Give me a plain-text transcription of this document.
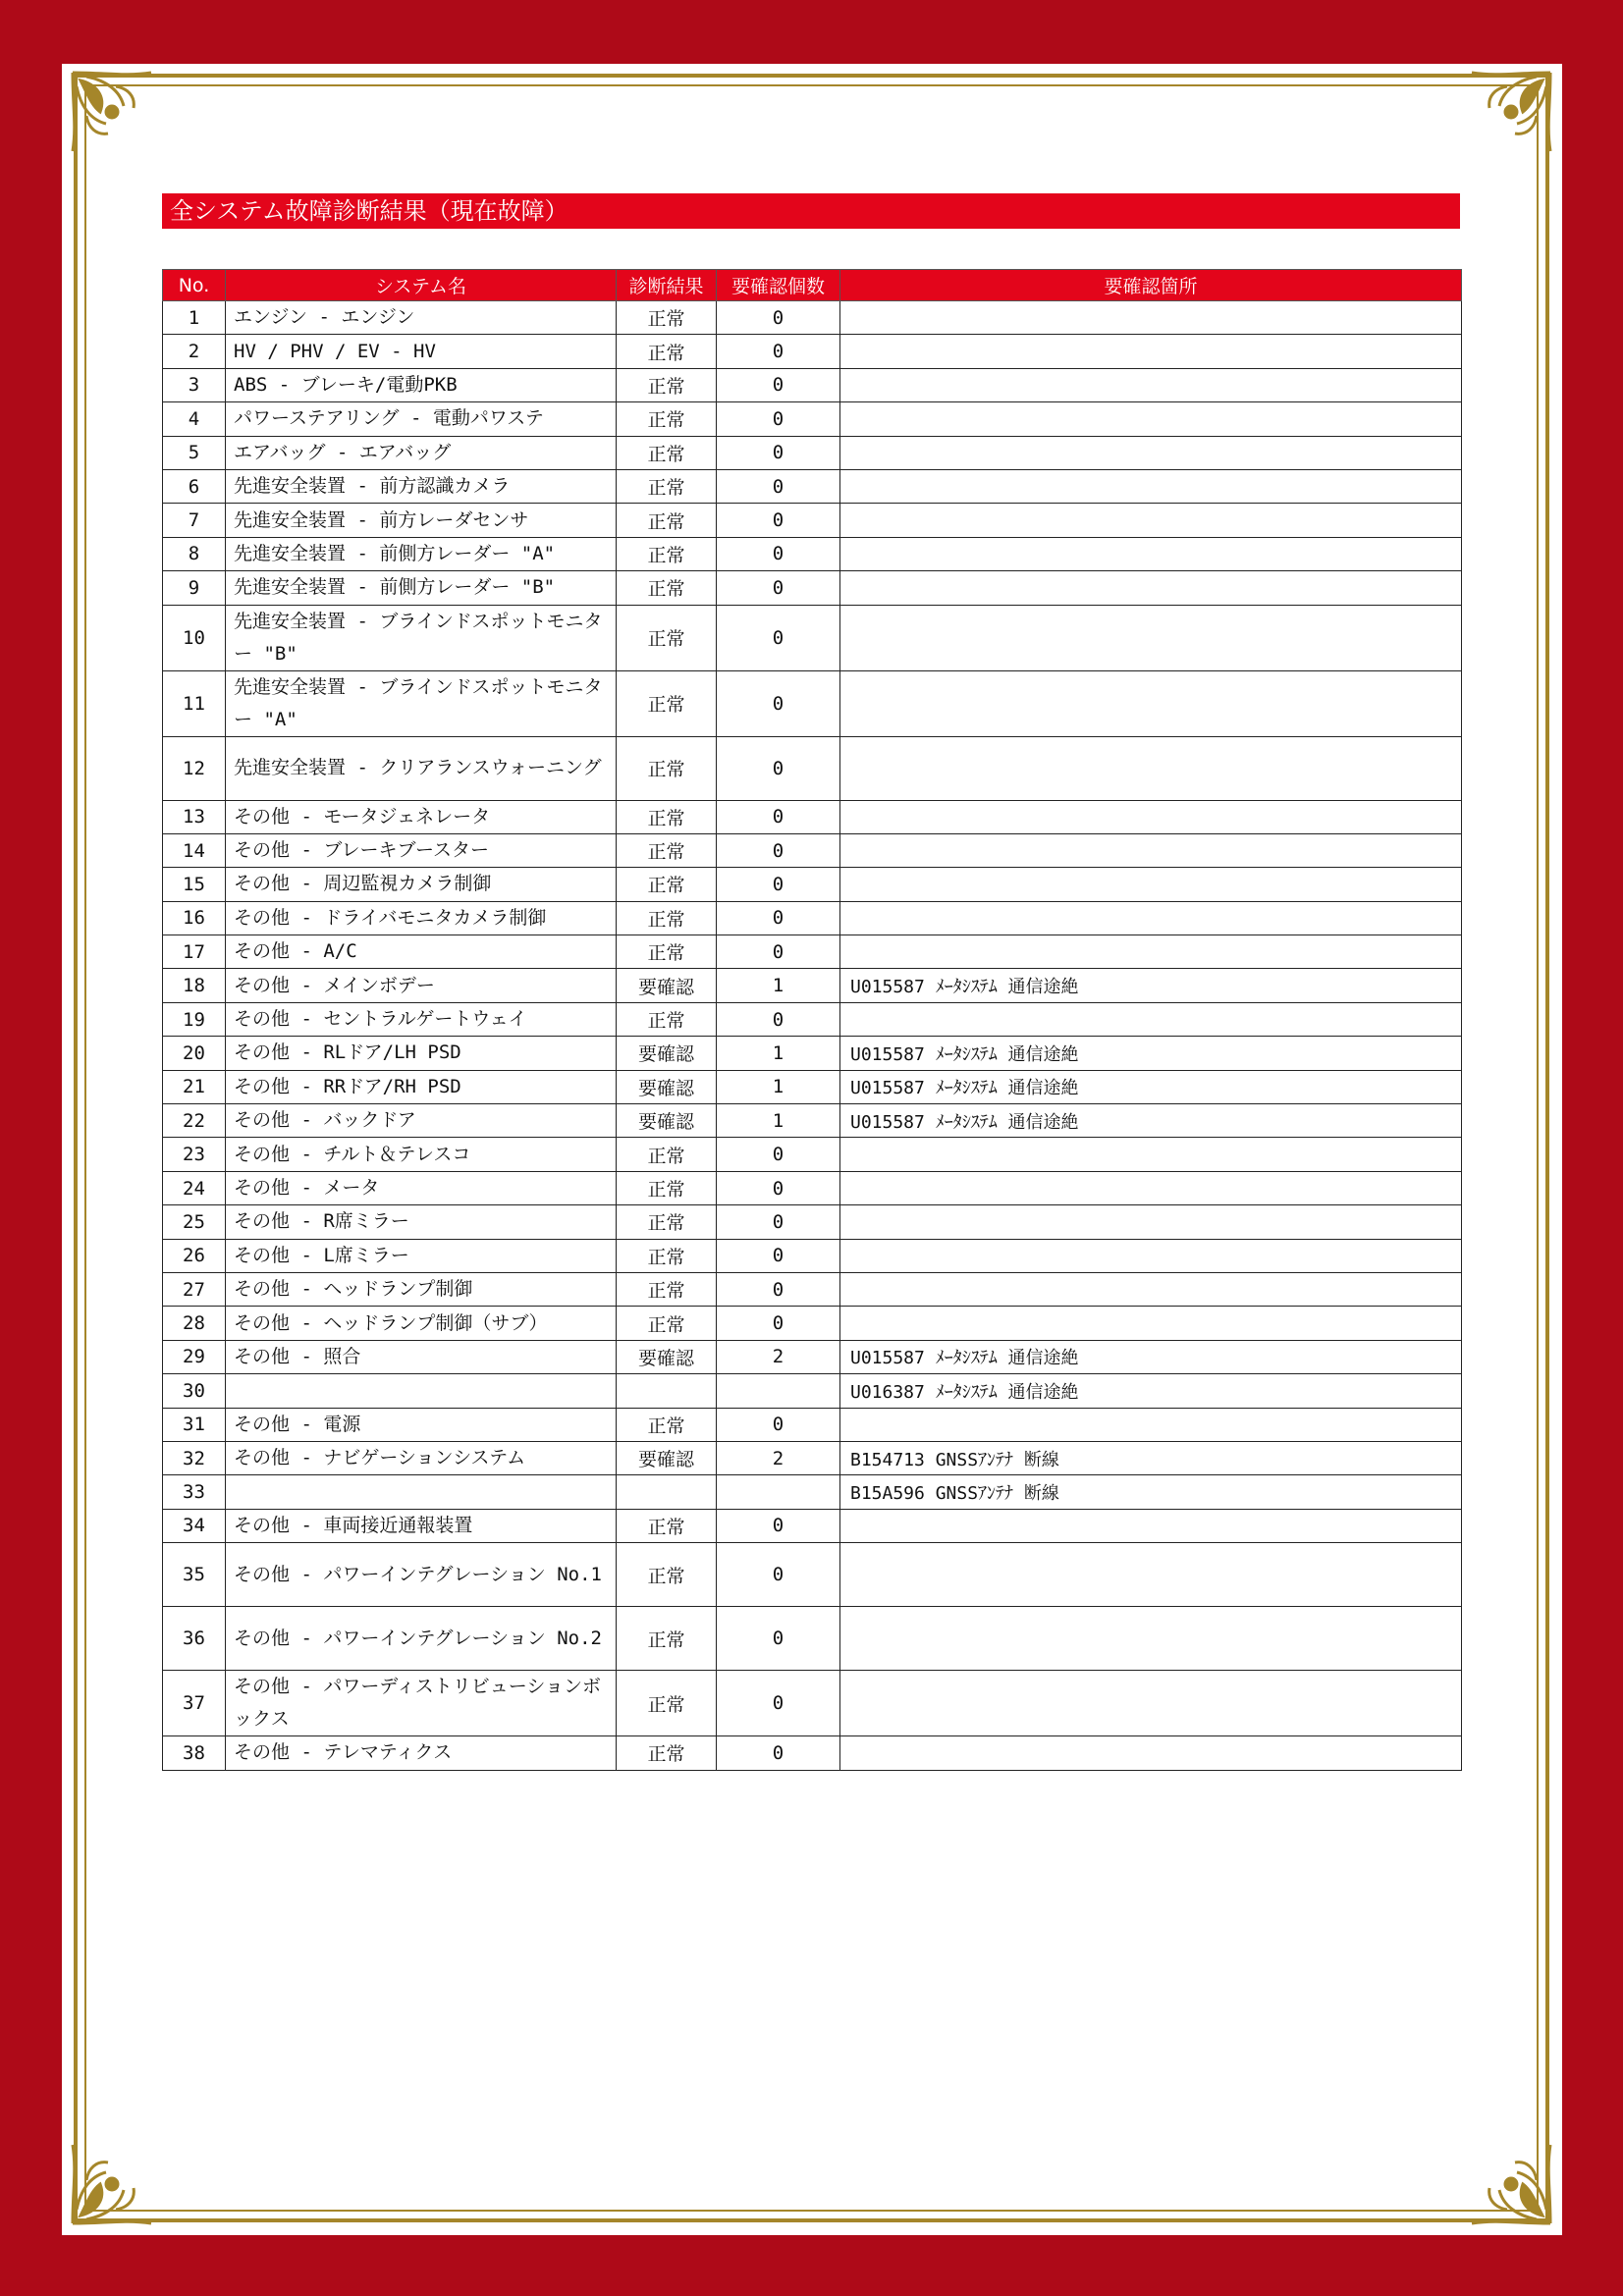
全システム故障診断結果（現在故障）
No.	システム名	診断結果	要確認個数	要確認箇所
1	エンジン - エンジン	正常	0	
2	HV / PHV / EV - HV	正常	0	
3	ABS - ブレーキ/電動PKB	正常	0	
4	パワーステアリング - 電動パワステ	正常	0	
5	エアバッグ - エアバッグ	正常	0	
6	先進安全装置 - 前方認識カメラ	正常	0	
7	先進安全装置 - 前方レーダセンサ	正常	0	
8	先進安全装置 - 前側方レーダー "A"	正常	0	
9	先進安全装置 - 前側方レーダー "B"	正常	0	
10	先進安全装置 - ブラインドスポットモニター "B"	正常	0	
11	先進安全装置 - ブラインドスポットモニター "A"	正常	0	
12	先進安全装置 - クリアランスウォーニング	正常	0	
13	その他 - モータジェネレータ	正常	0	
14	その他 - ブレーキブースター	正常	0	
15	その他 - 周辺監視カメラ制御	正常	0	
16	その他 - ドライバモニタカメラ制御	正常	0	
17	その他 - A/C	正常	0	
18	その他 - メインボデー	要確認	1	U015587 ﾒｰﾀｼｽﾃﾑ 通信途絶
19	その他 - セントラルゲートウェイ	正常	0	
20	その他 - RLドア/LH PSD	要確認	1	U015587 ﾒｰﾀｼｽﾃﾑ 通信途絶
21	その他 - RRドア/RH PSD	要確認	1	U015587 ﾒｰﾀｼｽﾃﾑ 通信途絶
22	その他 - バックドア	要確認	1	U015587 ﾒｰﾀｼｽﾃﾑ 通信途絶
23	その他 - チルト＆テレスコ	正常	0	
24	その他 - メータ	正常	0	
25	その他 - R席ミラー	正常	0	
26	その他 - L席ミラー	正常	0	
27	その他 - ヘッドランプ制御	正常	0	
28	その他 - ヘッドランプ制御（サブ）	正常	0	
29	その他 - 照合	要確認	2	U015587 ﾒｰﾀｼｽﾃﾑ 通信途絶
30				U016387 ﾒｰﾀｼｽﾃﾑ 通信途絶
31	その他 - 電源	正常	0	
32	その他 - ナビゲーションシステム	要確認	2	B154713 GNSSｱﾝﾃﾅ 断線
33				B15A596 GNSSｱﾝﾃﾅ 断線
34	その他 - 車両接近通報装置	正常	0	
35	その他 - パワーインテグレーション No.1	正常	0	
36	その他 - パワーインテグレーション No.2	正常	0	
37	その他 - パワーディストリビューションボックス	正常	0	
38	その他 - テレマティクス	正常	0	
